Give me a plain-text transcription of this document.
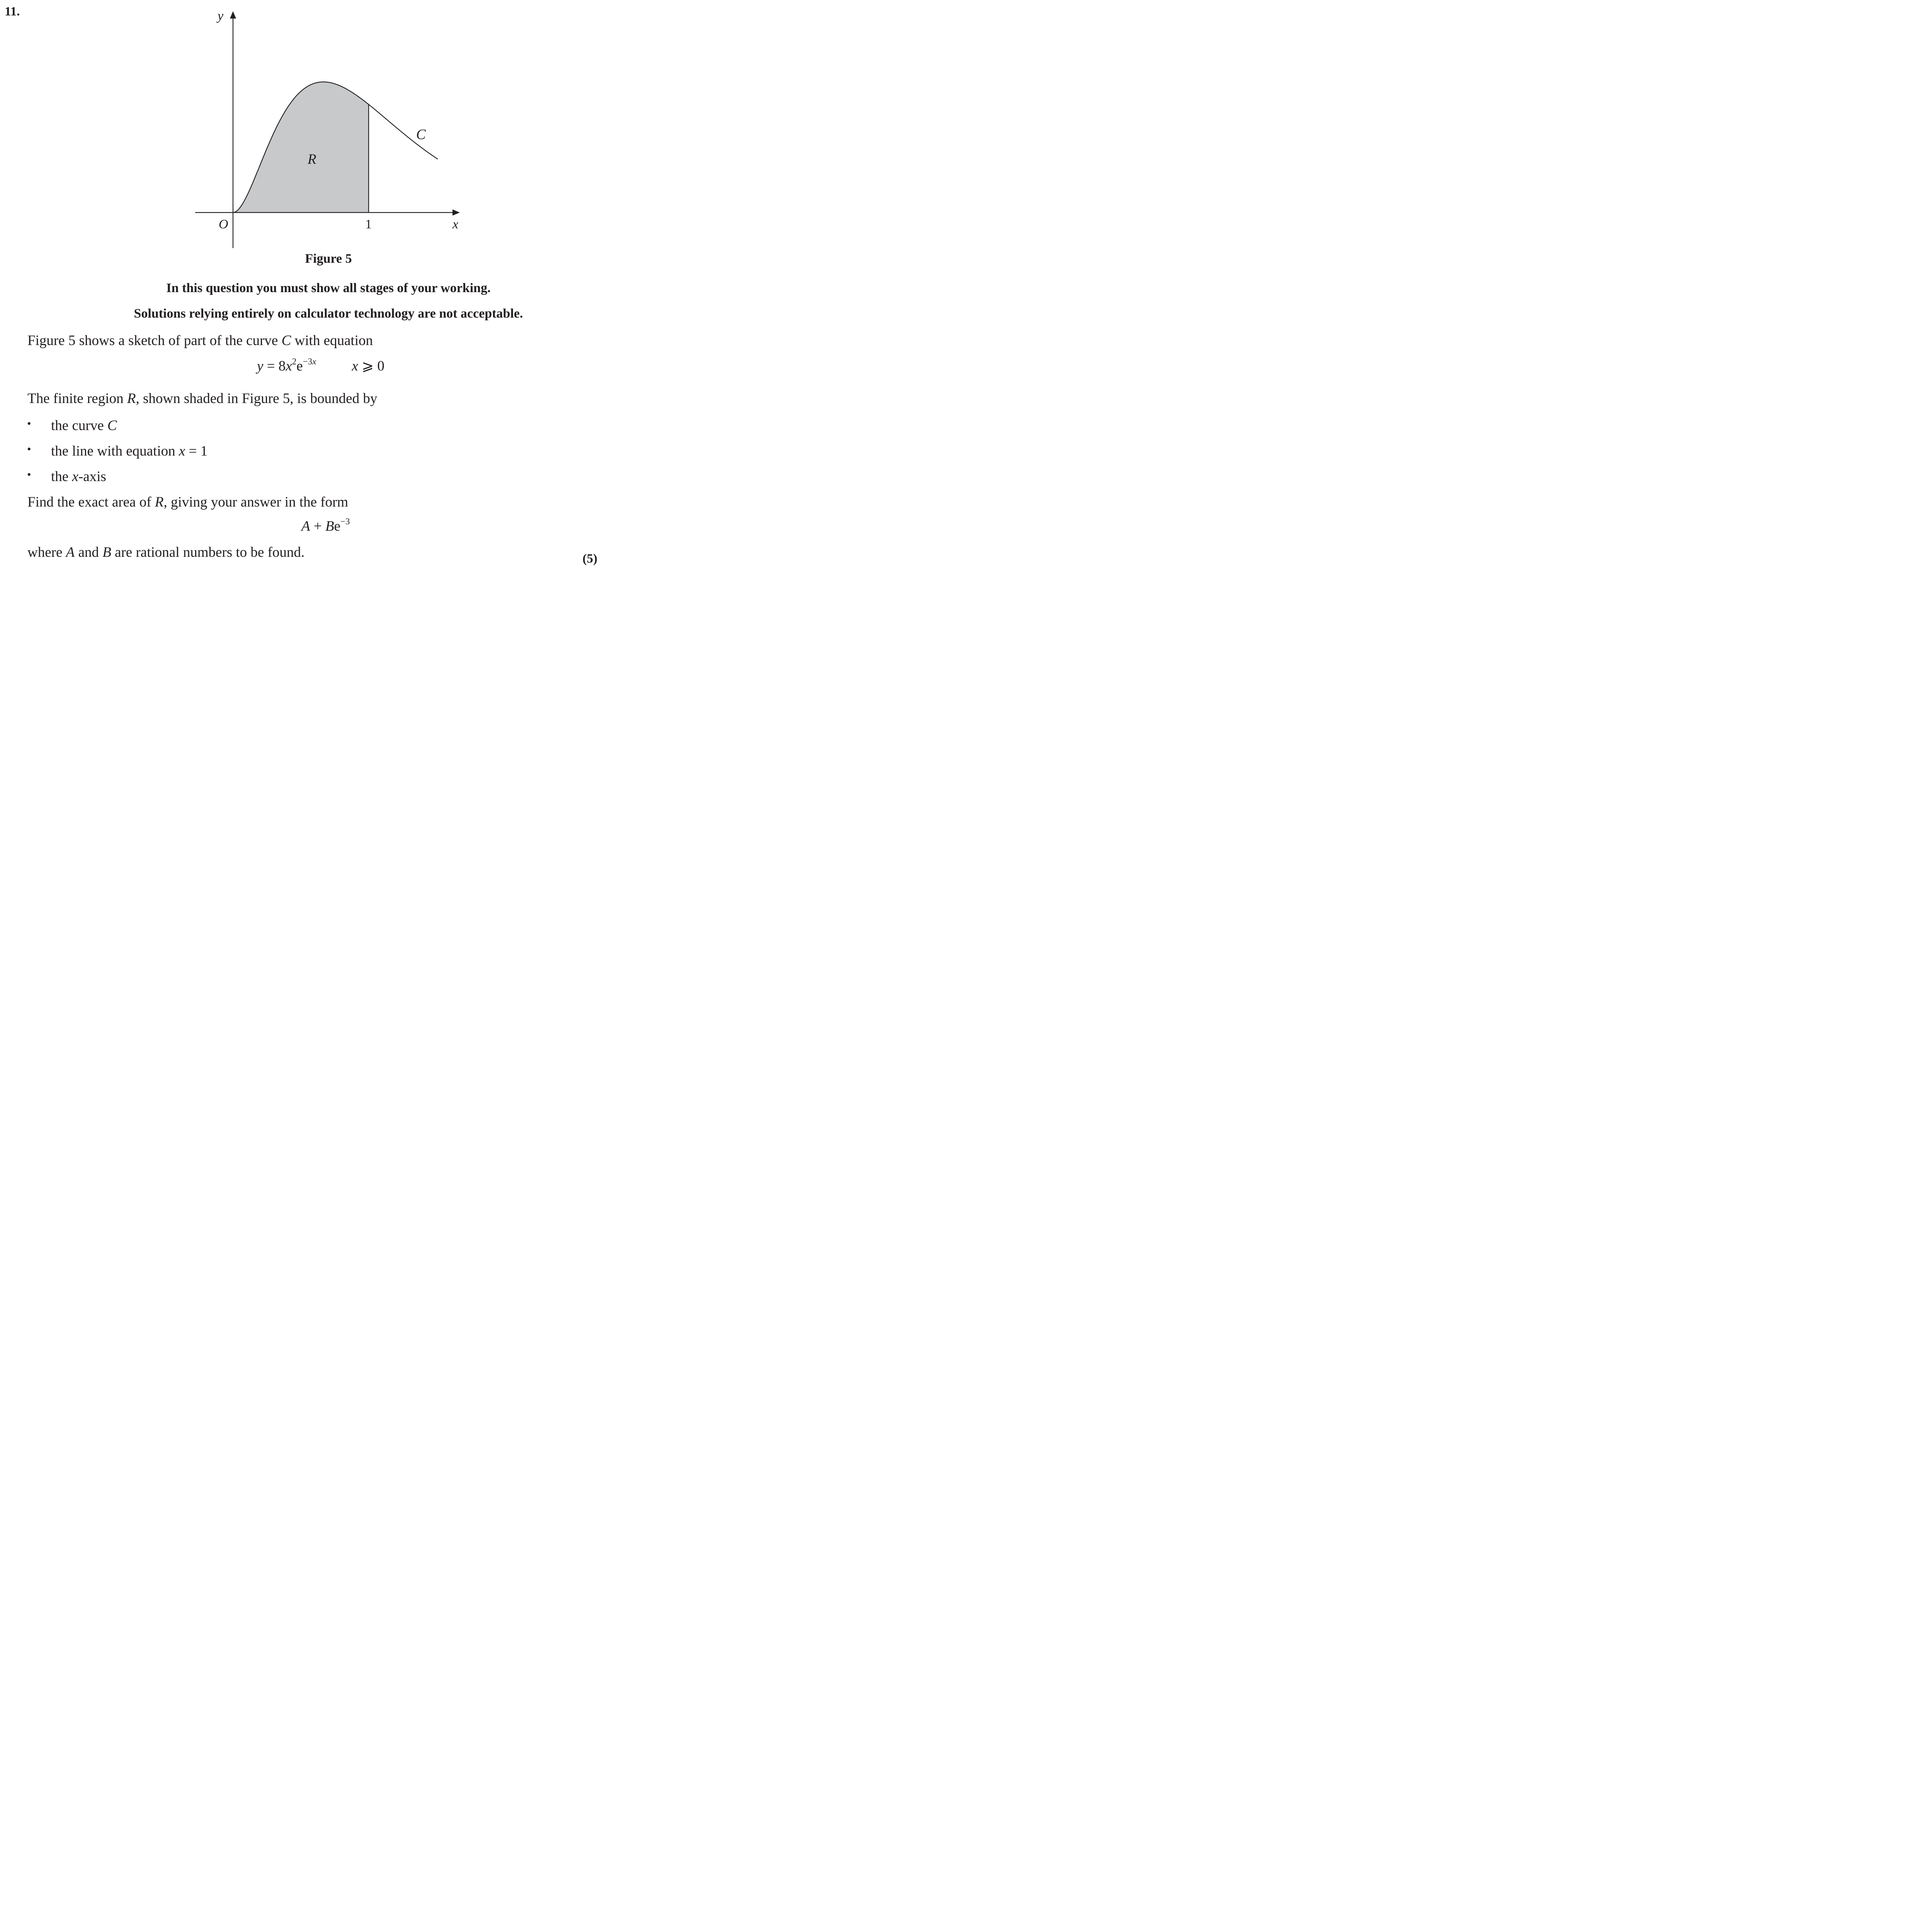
11.	y
x
O	1
C
R
Figure 5
In this question you must show all stages of your working.
Solutions relying entirely on calculator technology are not acceptable.
Figure 5 shows a sketch of part of the curve C with equation
$y = 8x^2e^{-3x}$ x ⩾ 0
The finite region R, shown shaded in Figure 5, is bounded by
• the curve C
• the line with equation x = 1
• the x-axis
Find the exact area of R, giving your answer in the form
$A + Be^{-3}$
where A and B are rational numbers to be found.	(5)
